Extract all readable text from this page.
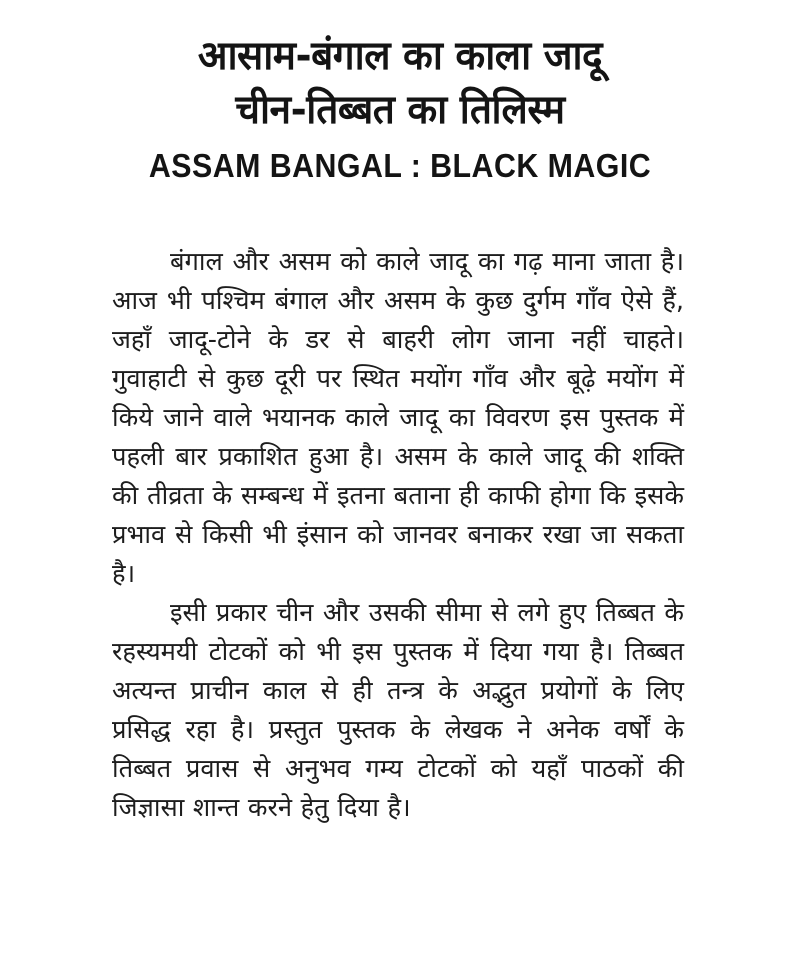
आसाम-बंगाल का काला जादू
चीन-तिब्बत का तिलिस्म
ASSAM BANGAL : BLACK MAGIC

बंगाल और असम को काले जादू का गढ़ माना जाता है। आज भी पश्चिम बंगाल और असम के कुछ दुर्गम गाँव ऐसे हैं, जहाँ जादू-टोने के डर से बाहरी लोग जाना नहीं चाहते। गुवाहाटी से कुछ दूरी पर स्थित मयोंग गाँव और बूढ़े मयोंग में किये जाने वाले भयानक काले जादू का विवरण इस पुस्तक में पहली बार प्रकाशित हुआ है। असम के काले जादू की शक्ति की तीव्रता के सम्बन्ध में इतना बताना ही काफी होगा कि इसके प्रभाव से किसी भी इंसान को जानवर बनाकर रखा जा सकता है।

इसी प्रकार चीन और उसकी सीमा से लगे हुए तिब्बत के रहस्यमयी टोटकों को भी इस पुस्तक में दिया गया है। तिब्बत अत्यन्त प्राचीन काल से ही तन्त्र के अद्भुत प्रयोगों के लिए प्रसिद्ध रहा है। प्रस्तुत पुस्तक के लेखक ने अनेक वर्षों के तिब्बत प्रवास से अनुभव गम्य टोटकों को यहाँ पाठकों की जिज्ञासा शान्त करने हेतु दिया है।
